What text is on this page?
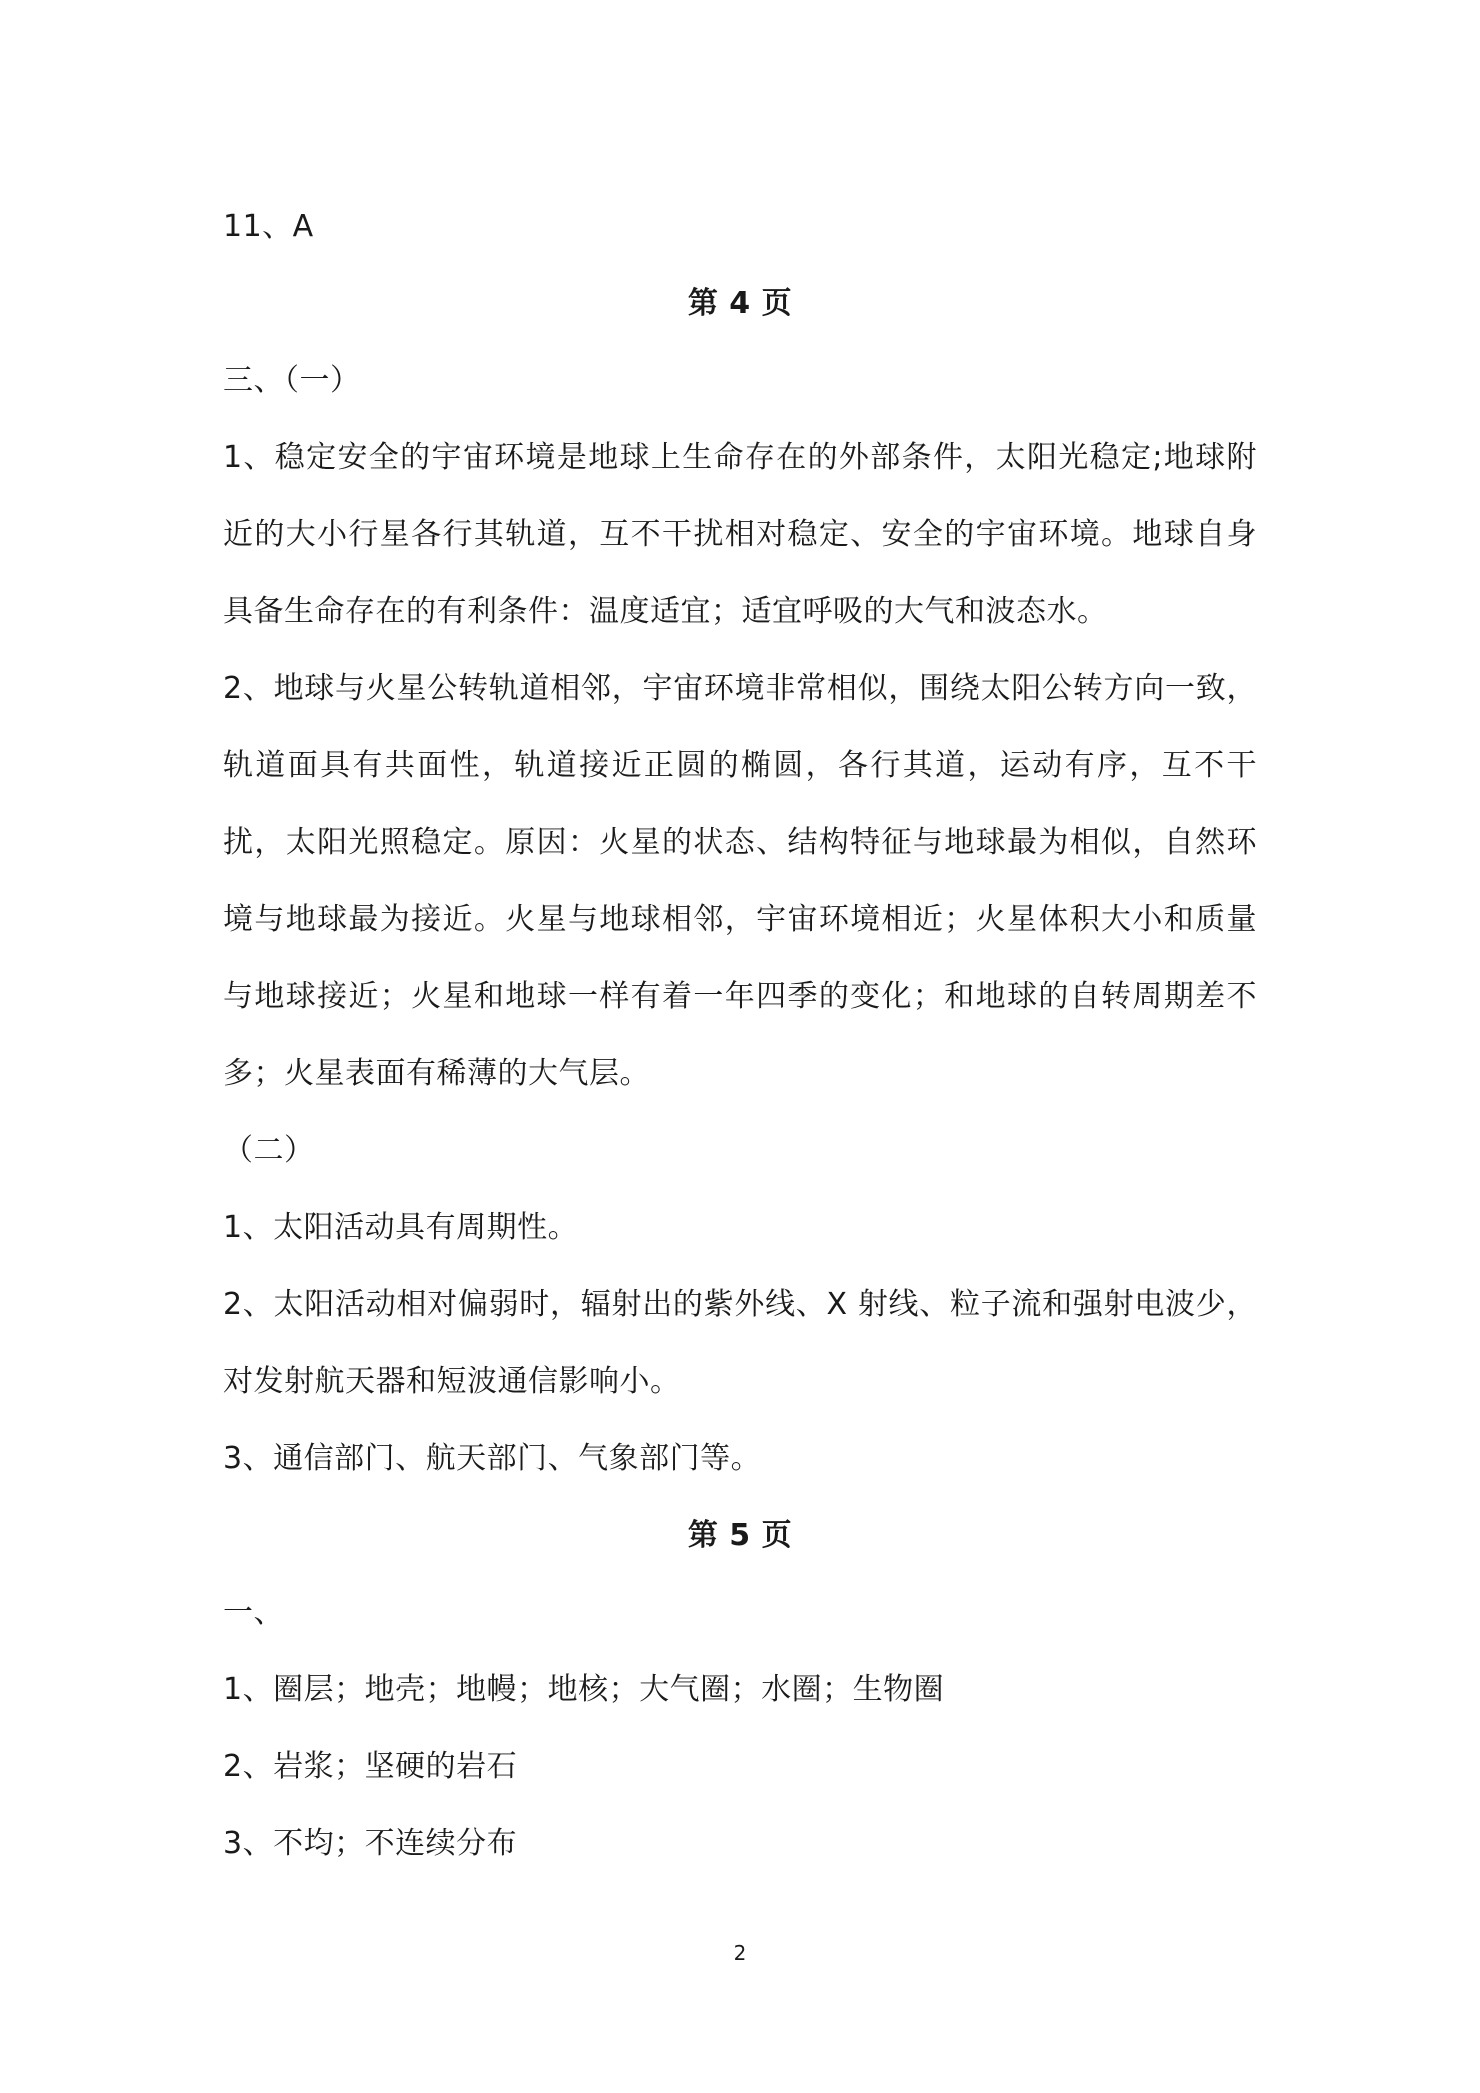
11、A
第 4 页
三、（一）
1、稳定安全的宇宙环境是地球上生命存在的外部条件，太阳光稳定;地球附近的大小行星各行其轨道，互不干扰相对稳定、安全的宇宙环境。地球自身具备生命存在的有利条件：温度适宜；适宜呼吸的大气和波态水。
2、地球与火星公转轨道相邻，宇宙环境非常相似，围绕太阳公转方向一致，轨道面具有共面性，轨道接近正圆的椭圆，各行其道，运动有序，互不干扰，太阳光照稳定。原因：火星的状态、结构特征与地球最为相似，自然环境与地球最为接近。火星与地球相邻，宇宙环境相近；火星体积大小和质量与地球接近；火星和地球一样有着一年四季的变化；和地球的自转周期差不多；火星表面有稀薄的大气层。
（二）
1、太阳活动具有周期性。
2、太阳活动相对偏弱时，辐射出的紫外线、X 射线、粒子流和强射电波少，对发射航天器和短波通信影响小。
3、通信部门、航天部门、气象部门等。
第 5 页
一、
1、圈层；地壳；地幔；地核；大气圈；水圈；生物圈
2、岩浆；坚硬的岩石
3、不均；不连续分布
2
